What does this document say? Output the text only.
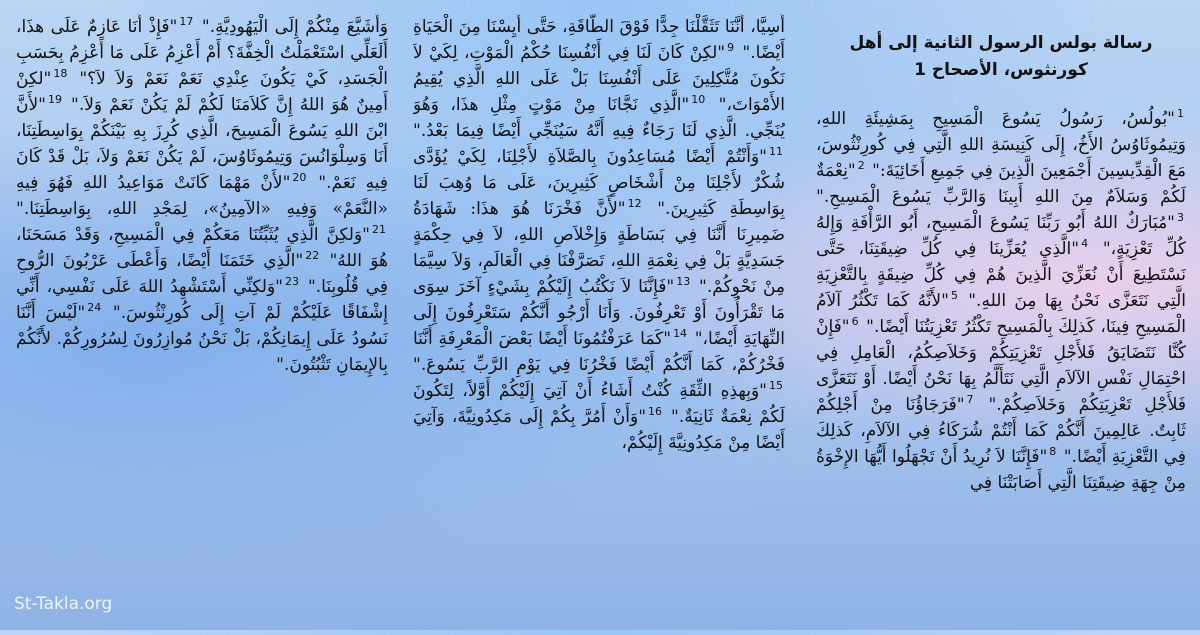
رسالة بولس الرسول الثانية إلى أهل كورنثوس، الأصحاح 1

$^1$"بُولُسُ، رَسُولُ يَسُوعَ الْمَسِيحِ بِمَشِيئَةِ اللهِ، وَتِيمُوثَاوُسُ الأَخُ، إِلَى كَنِيسَةِ اللهِ الَّتِي فِي كُورِنْثُوسَ، مَعَ الْقِدِّيسِينَ أَجْمَعِينَ الَّذِينَ فِي جَمِيعِ أَخَائِيَةَ:" $^2$"نِعْمَةٌ لَكُمْ وَسَلاَمٌ مِنَ اللهِ أَبِينَا وَالرَّبِّ يَسُوعَ الْمَسِيحِ." $^3$"مُبَارَكٌ اللهُ أَبُو رَبِّنَا يَسُوعَ الْمَسِيحِ، أَبُو الرَّأْفَةِ وَإِلهُ كُلِّ تَعْزِيَةٍ،" $^4$"الَّذِي يُعَزِّينَا فِي كُلِّ ضِيقَتِنَا، حَتَّى نَسْتَطِيعَ أَنْ نُعَزِّيَ الَّذِينَ هُمْ فِي كُلِّ ضِيقَةٍ بِالتَّعْزِيَةِ الَّتِي نَتَعَزَّى نَحْنُ بِهَا مِنَ اللهِ." $^5$"لأَنَّهُ كَمَا تَكْثُرُ آلاَمُ الْمَسِيحِ فِينَا، كَذلِكَ بِالْمَسِيحِ تَكْثُرُ تَعْزِيَتُنَا أَيْضًا." $^6$"فَإِنْ كُنَّا نَتَضَايَقُ فَلأَجْلِ تَعْزِيَتِكُمْ وَخَلاَصِكُمُ، الْعَامِلِ فِي احْتِمَالِ نَفْسِ الآلاَمِ الَّتِي نَتَأَلَّمُ بِهَا نَحْنُ أَيْضًا. أَوْ نَتَعَزَّى فَلأَجْلِ تَعْزِيَتِكُمْ وَخَلاَصِكُمْ." $^7$"فَرَجَاؤُنَا مِنْ أَجْلِكُمْ ثَابِتٌ. عَالِمِينَ أَنَّكُمْ كَمَا أَنْتُمْ شُرَكَاءُ فِي الآلاَمِ، كَذلِكَ فِي التَّعْزِيَةِ أَيْضًا." $^8$"فَإِنَّنَا لاَ نُرِيدُ أَنْ تَجْهَلُوا أَيُّهَا الإِخْوَةُ مِنْ جِهَةِ ضِيقَتِنَا الَّتِي أَصَابَتْنَا فِي

أَسِيَّا، أَنَّنَا تَثَقَّلْنَا جِدًّا فَوْقَ الطَّاقَةِ، حَتَّى أَيِسْنَا مِنَ الْحَيَاةِ أَيْضًا." $^9$"لكِنْ كَانَ لَنَا فِي أَنْفُسِنَا حُكْمُ الْمَوْتِ، لِكَيْ لاَ نَكُونَ مُتَّكِلِينَ عَلَى أَنْفُسِنَا بَلْ عَلَى اللهِ الَّذِي يُقِيمُ الأَمْوَاتَ،" $^{10}$"الَّذِي نَجَّانَا مِنْ مَوْتٍ مِثْلِ هذَا، وَهُوَ يُنَجِّي. الَّذِي لَنَا رَجَاءٌ فِيهِ أَنَّهُ سَيُنَجِّي أَيْضًا فِيمَا بَعْدُ." $^{11}$"وَأَنْتُمْ أَيْضًا مُسَاعِدُونَ بِالصَّلاَةِ لأَجْلِنَا، لِكَيْ يُؤَدَّى شُكْرٌ لأَجْلِنَا مِنْ أَشْخَاصٍ كَثِيرِينَ، عَلَى مَا وُهِبَ لَنَا بِوَاسِطَةِ كَثِيرِينَ." $^{12}$"لأَنَّ فَخْرَنَا هُوَ هذَا: شَهَادَةُ ضَمِيرِنَا أَنَّنَا فِي بَسَاطَةٍ وَإِخْلاَصِ اللهِ، لاَ فِي حِكْمَةٍ جَسَدِيَّةٍ بَلْ فِي نِعْمَةِ اللهِ، تَصَرَّفْنَا فِي الْعَالَمِ، وَلاَ سِيَّمَا مِنْ نَحْوِكُمْ." $^{13}$"فَإِنَّنَا لاَ نَكْتُبُ إِلَيْكُمْ بِشَيْءٍ آخَرَ سِوَى مَا تَقْرَأُونَ أَوْ تَعْرِفُونَ. وَأَنَا أَرْجُو أَنَّكُمْ سَتَعْرِفُونَ إِلَى النِّهَايَةِ أَيْضًا،" $^{14}$"كَمَا عَرَفْتُمُونَا أَيْضًا بَعْضَ الْمَعْرِفَةِ أَنَّنَا فَخْرُكُمْ، كَمَا أَنَّكُمْ أَيْضًا فَخْرُنَا فِي يَوْمِ الرَّبِّ يَسُوعَ." $^{15}$"وَبِهذِهِ الثِّقَةِ كُنْتُ أَشَاءُ أَنْ آتِيَ إِلَيْكُمْ أَوَّلاً، لِتَكُونَ لَكُمْ نِعْمَةٌ ثَانِيَةٌ." $^{16}$"وَأَنْ أَمُرَّ بِكُمْ إِلَى مَكِدُونِيَّةَ، وَآتِيَ أَيْضًا مِنْ مَكِدُونِيَّةَ إِلَيْكُمْ،

وَأُشَيَّعَ مِنْكُمْ إِلَى الْيَهُودِيَّةِ." $^{17}$"فَإِذْ أَنَا عَازِمٌ عَلَى هذَا، أَلَعَلِّي اسْتَعْمَلْتُ الْخِفَّةَ؟ أَمْ أَعْزِمُ عَلَى مَا أَعْزِمُ بِحَسَبِ الْجَسَدِ، كَيْ يَكُونَ عِنْدِي نَعَمْ نَعَمْ وَلاَ لاَ؟" $^{18}$"لكِنْ أَمِينٌ هُوَ اللهُ إِنَّ كَلاَمَنَا لَكُمْ لَمْ يَكُنْ نَعَمْ وَلاَ." $^{19}$"لأَنَّ ابْنَ اللهِ يَسُوعَ الْمَسِيحَ، الَّذِي كُرِزَ بِهِ بَيْنَكُمْ بِوَاسِطَتِنَا، أَنَا وَسِلْوَانُسَ وَتِيمُوثَاوُسَ، لَمْ يَكُنْ نَعَمْ وَلاَ، بَلْ قَدْ كَانَ فِيهِ نَعَمْ." $^{20}$"لأَنْ مَهْمَا كَانَتْ مَوَاعِيدُ اللهِ فَهُوَ فِيهِ «النَّعَمْ» وَفِيهِ «الآمِينُ»، لِمَجْدِ اللهِ، بِوَاسِطَتِنَا." $^{21}$"وَلكِنَّ الَّذِي يُثَبِّتُنَا مَعَكُمْ فِي الْمَسِيحِ، وَقَدْ مَسَحَنَا، هُوَ اللهُ" $^{22}$"الَّذِي خَتَمَنَا أَيْضًا، وَأَعْطَى عَرْبُونَ الرُّوحِ فِي قُلُوبِنَا." $^{23}$"وَلكِنِّي أَسْتَشْهِدُ اللهَ عَلَى نَفْسِي، أَنِّي إِشْفَاقًا عَلَيْكُمْ لَمْ آتِ إِلَى كُورِنْثُوسَ." $^{24}$"لَيْسَ أَنَّنَا نَسُودُ عَلَى إِيمَانِكُمْ، بَلْ نَحْنُ مُوازِرُونَ لِسُرُورِكُمْ. لأَنَّكُمْ بِالإِيمَانِ تَثْبُتُونَ."

St-Takla.org
